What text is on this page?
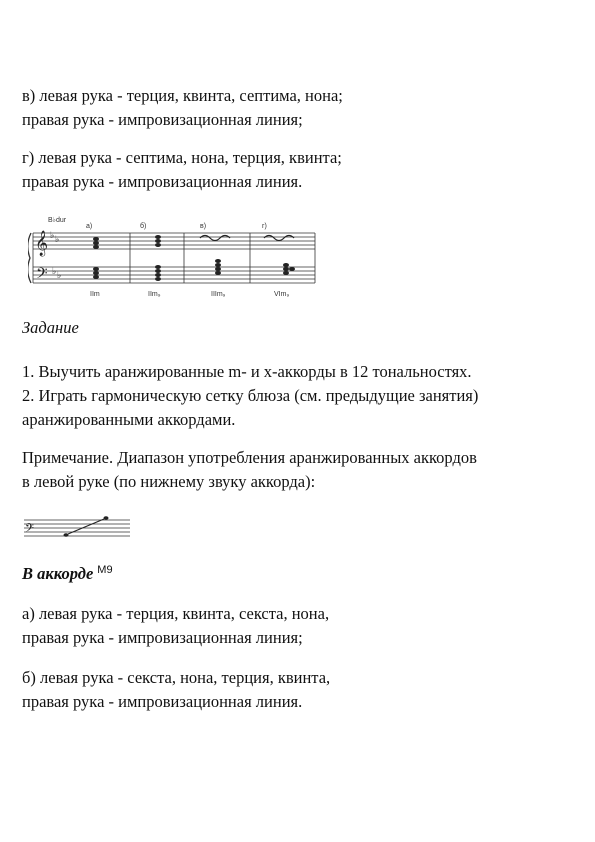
в) левая рука - терция, квинта, септима, нона;
правая рука - импровизационная линия;
г) левая рука - септима, нона, терция, квинта;
правая рука - импровизационная линия.
𝄞
𝄢
♭ ♭
♭ ♭
B♭dur
а)	б)	в)	г)
IIm	IIm₉	IIIm₉	VIm₉
Задание
1. Выучить аранжированные m- и x-аккорды в 12 тональностях.
2. Играть гармоническую сетку блюза (см. предыдущие занятия)
аранжированными аккордами.
Примечание. Диапазон употребления аранжированных аккордов
в левой руке (по нижнему звуку аккорда):
𝄢
В аккорде $^{M9}$
а) левая рука - терция, квинта, секста, нона,
правая рука - импровизационная линия;
б) левая рука - секста, нона, терция, квинта,
правая рука - импровизационная линия.
